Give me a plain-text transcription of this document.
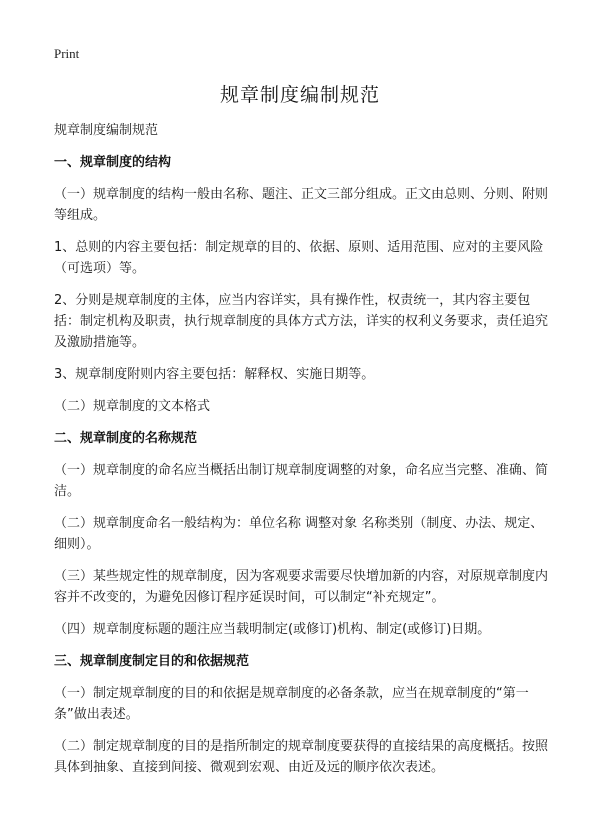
Print
规章制度编制规范
规章制度编制规范
一、规章制度的结构
（一）规章制度的结构一般由名称、题注、正文三部分组成。正文由总则、分则、附则等组成。
1、总则的内容主要包括：制定规章的目的、依据、原则、适用范围、应对的主要风险（可选项）等。
2、分则是规章制度的主体，应当内容详实，具有操作性，权责统一，其内容主要包括：制定机构及职责，执行规章制度的具体方式方法，详实的权利义务要求，责任追究及激励措施等。
3、规章制度附则内容主要包括：解释权、实施日期等。
（二）规章制度的文本格式
二、规章制度的名称规范
（一）规章制度的命名应当概括出制订规章制度调整的对象，命名应当完整、准确、简洁。
（二）规章制度命名一般结构为：单位名称 调整对象 名称类别（制度、办法、规定、细则）。
（三）某些规定性的规章制度，因为客观要求需要尽快增加新的内容，对原规章制度内容并不改变的，为避免因修订程序延误时间，可以制定“补充规定”。
（四）规章制度标题的题注应当载明制定(或修订)机构、制定(或修订)日期。
三、规章制度制定目的和依据规范
（一）制定规章制度的目的和依据是规章制度的必备条款，应当在规章制度的“第一条”做出表述。
（二）制定规章制度的目的是指所制定的规章制度要获得的直接结果的高度概括。按照具体到抽象、直接到间接、微观到宏观、由近及远的顺序依次表述。
